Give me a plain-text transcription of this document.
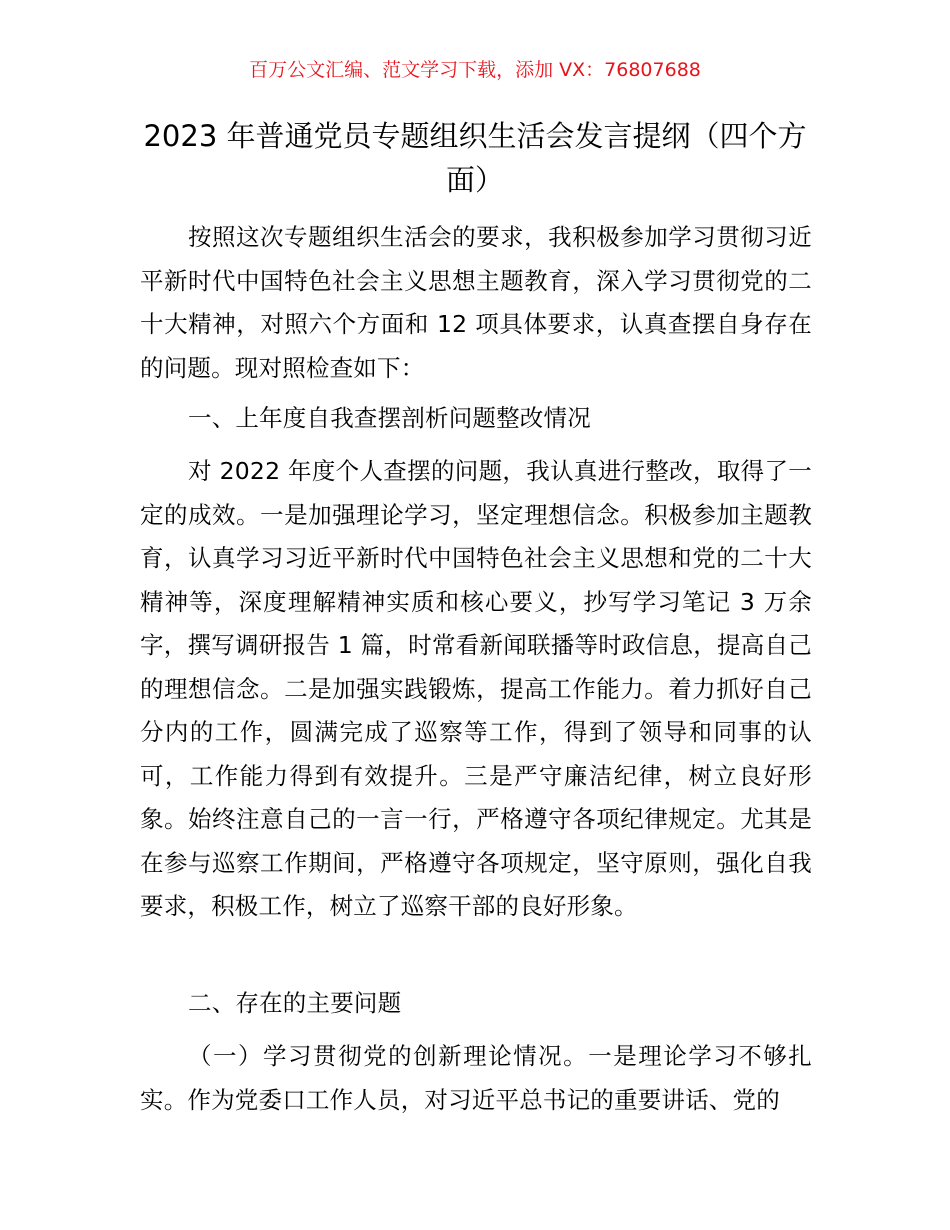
百万公文汇编、范文学习下载，添加 VX：76807688
2023 年普通党员专题组织生活会发言提纲（四个方面）

按照这次专题组织生活会的要求，我积极参加学习贯彻习近平新时代中国特色社会主义思想主题教育，深入学习贯彻党的二十大精神，对照六个方面和 12 项具体要求，认真查摆自身存在的问题。现对照检查如下：

一、上年度自我查摆剖析问题整改情况

对 2022 年度个人查摆的问题，我认真进行整改，取得了一定的成效。一是加强理论学习，坚定理想信念。积极参加主题教育，认真学习习近平新时代中国特色社会主义思想和党的二十大精神等，深度理解精神实质和核心要义，抄写学习笔记 3 万余字，撰写调研报告 1 篇，时常看新闻联播等时政信息，提高自己的理想信念。二是加强实践锻炼，提高工作能力。着力抓好自己分内的工作，圆满完成了巡察等工作，得到了领导和同事的认可，工作能力得到有效提升。三是严守廉洁纪律，树立良好形象。始终注意自己的一言一行，严格遵守各项纪律规定。尤其是在参与巡察工作期间，严格遵守各项规定，坚守原则，强化自我要求，积极工作，树立了巡察干部的良好形象。

二、存在的主要问题

（一）学习贯彻党的创新理论情况。一是理论学习不够扎实。作为党委口工作人员，对习近平总书记的重要讲话、党的
